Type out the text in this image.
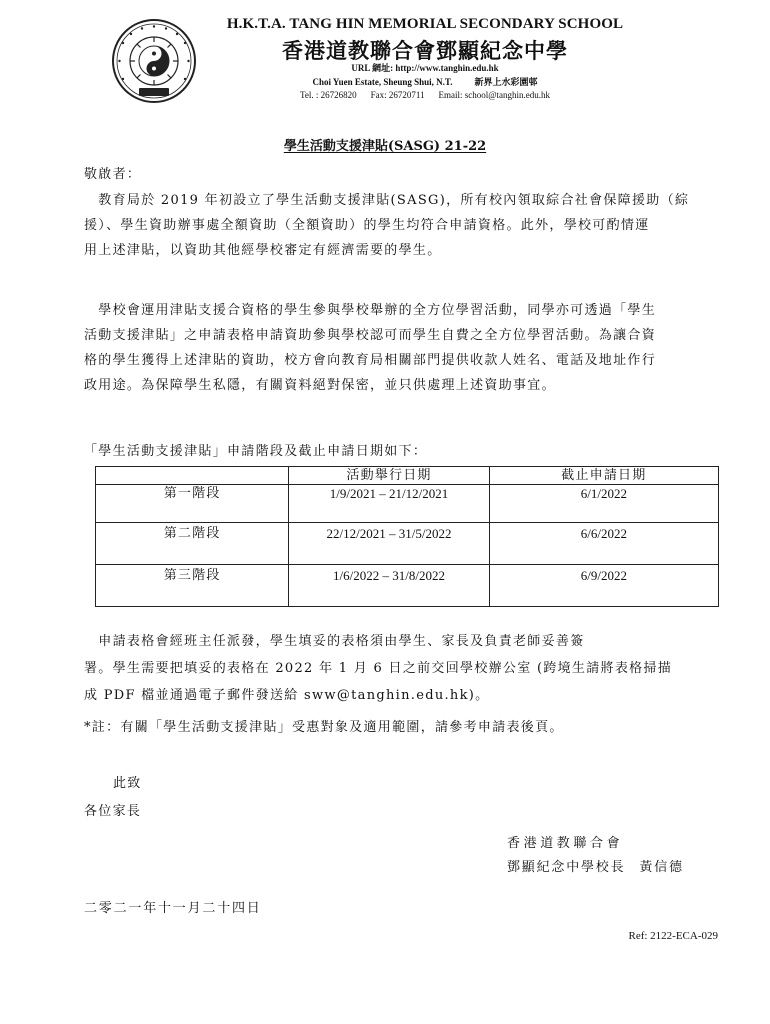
H.K.T.A. TANG HIN MEMORIAL SECONDARY SCHOOL
香港道教聯合會鄧顯紀念中學
URL 網址: http://www.tanghin.edu.hk
Choi Yuen Estate, Sheung Shui, N.T. 新界上水彩園邨
Tel. : 26726820 Fax: 26720711 Email: school@tanghin.edu.hk
學生活動支援津貼(SASG) 21-22
敬啟者：
　教育局於 2019 年初設立了學生活動支援津貼(SASG)，所有校內領取綜合社會保障援助（綜
援）、學生資助辦事處全額資助（全額資助）的學生均符合申請資格。此外，學校可酌情運
用上述津貼，以資助其他經學校審定有經濟需要的學生。
　學校會運用津貼支援合資格的學生參與學校舉辦的全方位學習活動，同學亦可透過「學生
活動支援津貼」之申請表格申請資助參與學校認可而學生自費之全方位學習活動。為讓合資
格的學生獲得上述津貼的資助，校方會向教育局相關部門提供收款人姓名、電話及地址作行
政用途。為保障學生私隱，有關資料絕對保密，並只供處理上述資助事宜。
「學生活動支援津貼」申請階段及截止申請日期如下：
	活動舉行日期	截止申請日期
第一階段	1/9/2021 – 21/12/2021	6/1/2022
第二階段	22/12/2021 – 31/5/2022	6/6/2022
第三階段	1/6/2022 – 31/8/2022	6/9/2022
　申請表格會經班主任派發，學生填妥的表格須由學生、家長及負責老師妥善簽
署。學生需要把填妥的表格在 2022 年 1 月 6 日之前交回學校辦公室 (跨境生請將表格掃描
成 PDF 檔並通過電子郵件發送給 sww@tanghin.edu.hk)。
*註：有關「學生活動支援津貼」受惠對象及適用範圍，請參考申請表後頁。
此致
各位家長
香港道教聯合會
鄧顯紀念中學校長 黃信德
二零二一年十一月二十四日
Ref: 2122-ECA-029
